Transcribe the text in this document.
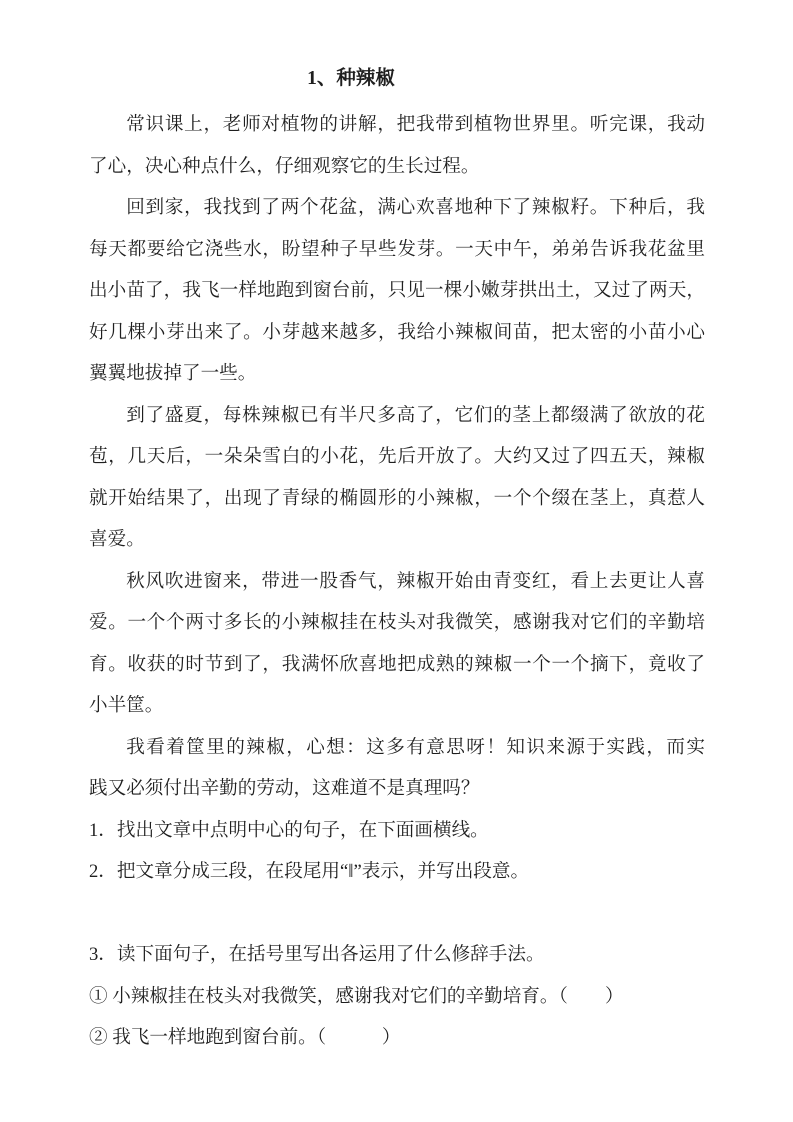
1、种辣椒
常识课上，老师对植物的讲解，把我带到植物世界里。听完课，我动
了心，决心种点什么，仔细观察它的生长过程。
回到家，我找到了两个花盆，满心欢喜地种下了辣椒籽。下种后，我
每天都要给它浇些水，盼望种子早些发芽。一天中午，弟弟告诉我花盆里
出小苗了，我飞一样地跑到窗台前，只见一棵小嫩芽拱出土，又过了两天，
好几棵小芽出来了。小芽越来越多，我给小辣椒间苗，把太密的小苗小心
翼翼地拔掉了一些。
到了盛夏，每株辣椒已有半尺多高了，它们的茎上都缀满了欲放的花
苞，几天后，一朵朵雪白的小花，先后开放了。大约又过了四五天，辣椒
就开始结果了，出现了青绿的椭圆形的小辣椒，一个个缀在茎上，真惹人
喜爱。
秋风吹进窗来，带进一股香气，辣椒开始由青变红，看上去更让人喜
爱。一个个两寸多长的小辣椒挂在枝头对我微笑，感谢我对它们的辛勤培
育。收获的时节到了，我满怀欣喜地把成熟的辣椒一个一个摘下，竟收了
小半筐。
我看着筐里的辣椒，心想：这多有意思呀！知识来源于实践，而实
践又必须付出辛勤的劳动，这难道不是真理吗？
1．找出文章中点明中心的句子，在下面画横线。
2．把文章分成三段，在段尾用“‖”表示，并写出段意。
3．读下面句子，在括号里写出各运用了什么修辞手法。
① 小辣椒挂在枝头对我微笑，感谢我对它们的辛勤培育。（　　）
② 我飞一样地跑到窗台前。（　　　）
